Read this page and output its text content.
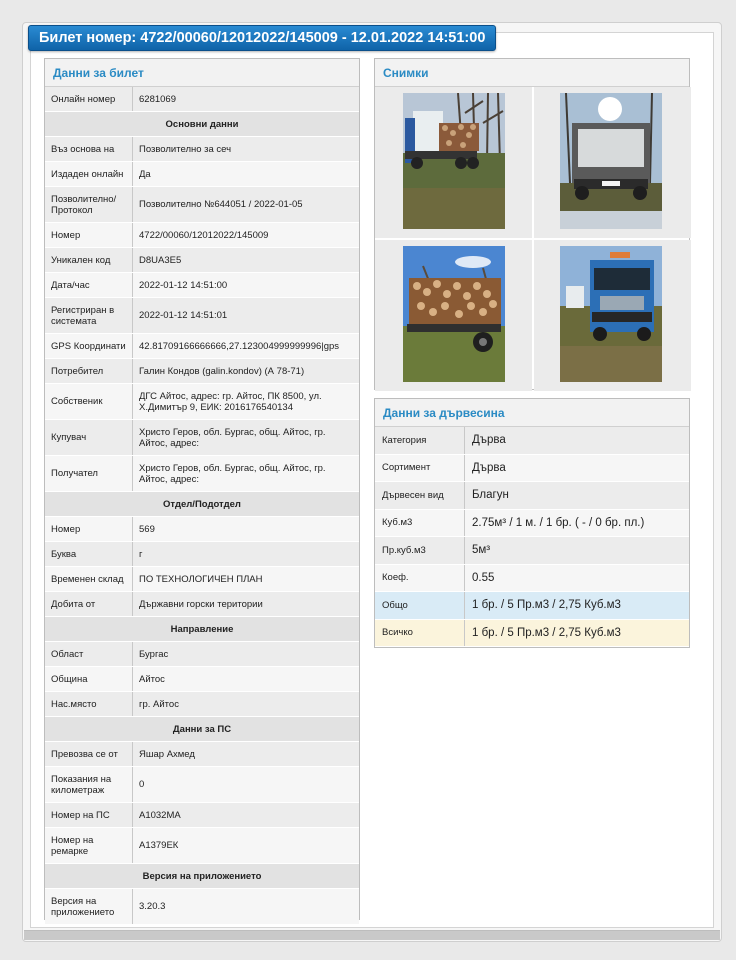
Билет номер: 4722/00060/12012022/145009 - 12.01.2022 14:51:00
Данни за билет
Онлайн номер	6281069
Основни данни
Въз основа на	Позволително за сеч
Издаден онлайн	Да
Позволително/ Протокол	Позволително №644051 / 2022-01-05
Номер	4722/00060/12012022/145009
Уникален код	D8UA3E5
Дата/час	2022-01-12 14:51:00
Регистриран в системата	2022-01-12 14:51:01
GPS Координати	42.81709166666666,27.123004999999996|gps
Потребител	Галин Кондов (galin.kondov) (А 78-71)
Собственик	ДГС Айтос, адрес: гр. Айтос, ПК 8500, ул. Х.Димитър 9, ЕИК: 2016176540134
Купувач	Христо Геров, обл. Бургас, общ. Айтос, гр. Айтос, адрес:
Получател	Христо Геров, обл. Бургас, общ. Айтос, гр. Айтос, адрес:
Отдел/Подотдел
Номер	569
Буква	г
Временен склад	ПО ТЕХНОЛОГИЧЕН ПЛАН
Добита от	Държавни горски територии
Направление
Област	Бургас
Община	Айтос
Нас.място	гр. Айтос
Данни за ПС
Превозва се от	Яшар Ахмед
Показания на километраж	0
Номер на ПС	А1032МА
Номер на ремарке	А1379ЕК
Версия на приложението
Версия на приложението	3.20.3
Снимки
Данни за дървесина
Категория	Дърва
Сортимент	Дърва
Дървесен вид	Благун
Куб.м3	2.75м³ / 1 м. / 1 бр. ( - / 0 бр. пл.)
Пр.куб.м3	5м³
Коеф.	0.55
Общо	1 бр. / 5 Пр.м3 / 2,75 Куб.м3
Всичко	1 бр. / 5 Пр.м3 / 2,75 Куб.м3
